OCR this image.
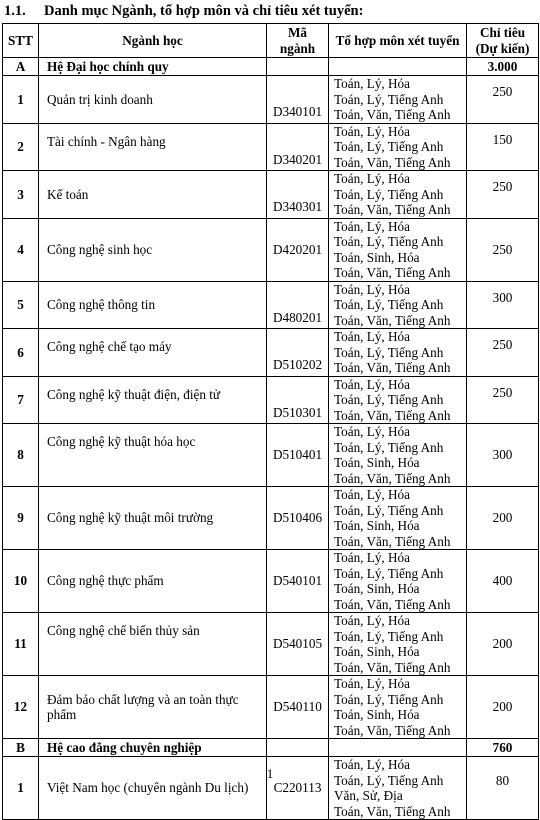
1.1. Danh mục Ngành, tổ hợp môn và chỉ tiêu xét tuyển:
STT	Ngành học	Mã ngành	Tổ hợp môn xét tuyển	Chỉ tiêu (Dự kiến)
A	Hệ Đại học chính quy			3.000
1	Quản trị kinh doanh	D340101	Toán, Lý, Hóa
Toán, Lý, Tiếng Anh
Toán, Văn, Tiếng Anh	250
2	Tài chính - Ngân hàng	D340201	Toán, Lý, Hóa
Toán, Lý, Tiếng Anh
Toán, Văn, Tiếng Anh	150
3	Kế toán	D340301	Toán, Lý, Hóa
Toán, Lý, Tiếng Anh
Toán, Văn, Tiếng Anh	250
4	Công nghệ sinh học	D420201	Toán, Lý, Hóa
Toán, Lý, Tiếng Anh
Toán, Sinh, Hóa
Toán, Văn, Tiếng Anh	250
5	Công nghệ thông tin	D480201	Toán, Lý, Hóa
Toán, Lý, Tiếng Anh
Toán, Văn, Tiếng Anh	300
6	Công nghệ chế tạo máy	D510202	Toán, Lý, Hóa
Toán, Lý, Tiếng Anh
Toán, Văn, Tiếng Anh	250
7	Công nghệ kỹ thuật điện, điện tử	D510301	Toán, Lý, Hóa
Toán, Lý, Tiếng Anh
Toán, Văn, Tiếng Anh	250
8	Công nghệ kỹ thuật hóa học	D510401	Toán, Lý, Hóa
Toán, Lý, Tiếng Anh
Toán, Sinh, Hóa
Toán, Văn, Tiếng Anh	300
9	Công nghệ kỹ thuật môi trường	D510406	Toán, Lý, Hóa
Toán, Lý, Tiếng Anh
Toán, Sinh, Hóa
Toán, Văn, Tiếng Anh	200
10	Công nghệ thực phẩm	D540101	Toán, Lý, Hóa
Toán, Lý, Tiếng Anh
Toán, Sinh, Hóa
Toán, Văn, Tiếng Anh	400
11	Công nghệ chế biến thủy sản	D540105	Toán, Lý, Hóa
Toán, Lý, Tiếng Anh
Toán, Sinh, Hóa
Toán, Văn, Tiếng Anh	200
12	Đảm bảo chất lượng và an toàn thực phẩm	D540110	Toán, Lý, Hóa
Toán, Lý, Tiếng Anh
Toán, Sinh, Hóa
Toán, Văn, Tiếng Anh	200
B	Hệ cao đẳng chuyên nghiệp			760
1	Việt Nam học (chuyên ngành Du lịch)	C220113	Toán, Lý, Hóa
Toán, Lý, Tiếng Anh
Văn, Sử, Địa
Toán, Văn, Tiếng Anh	80
1
